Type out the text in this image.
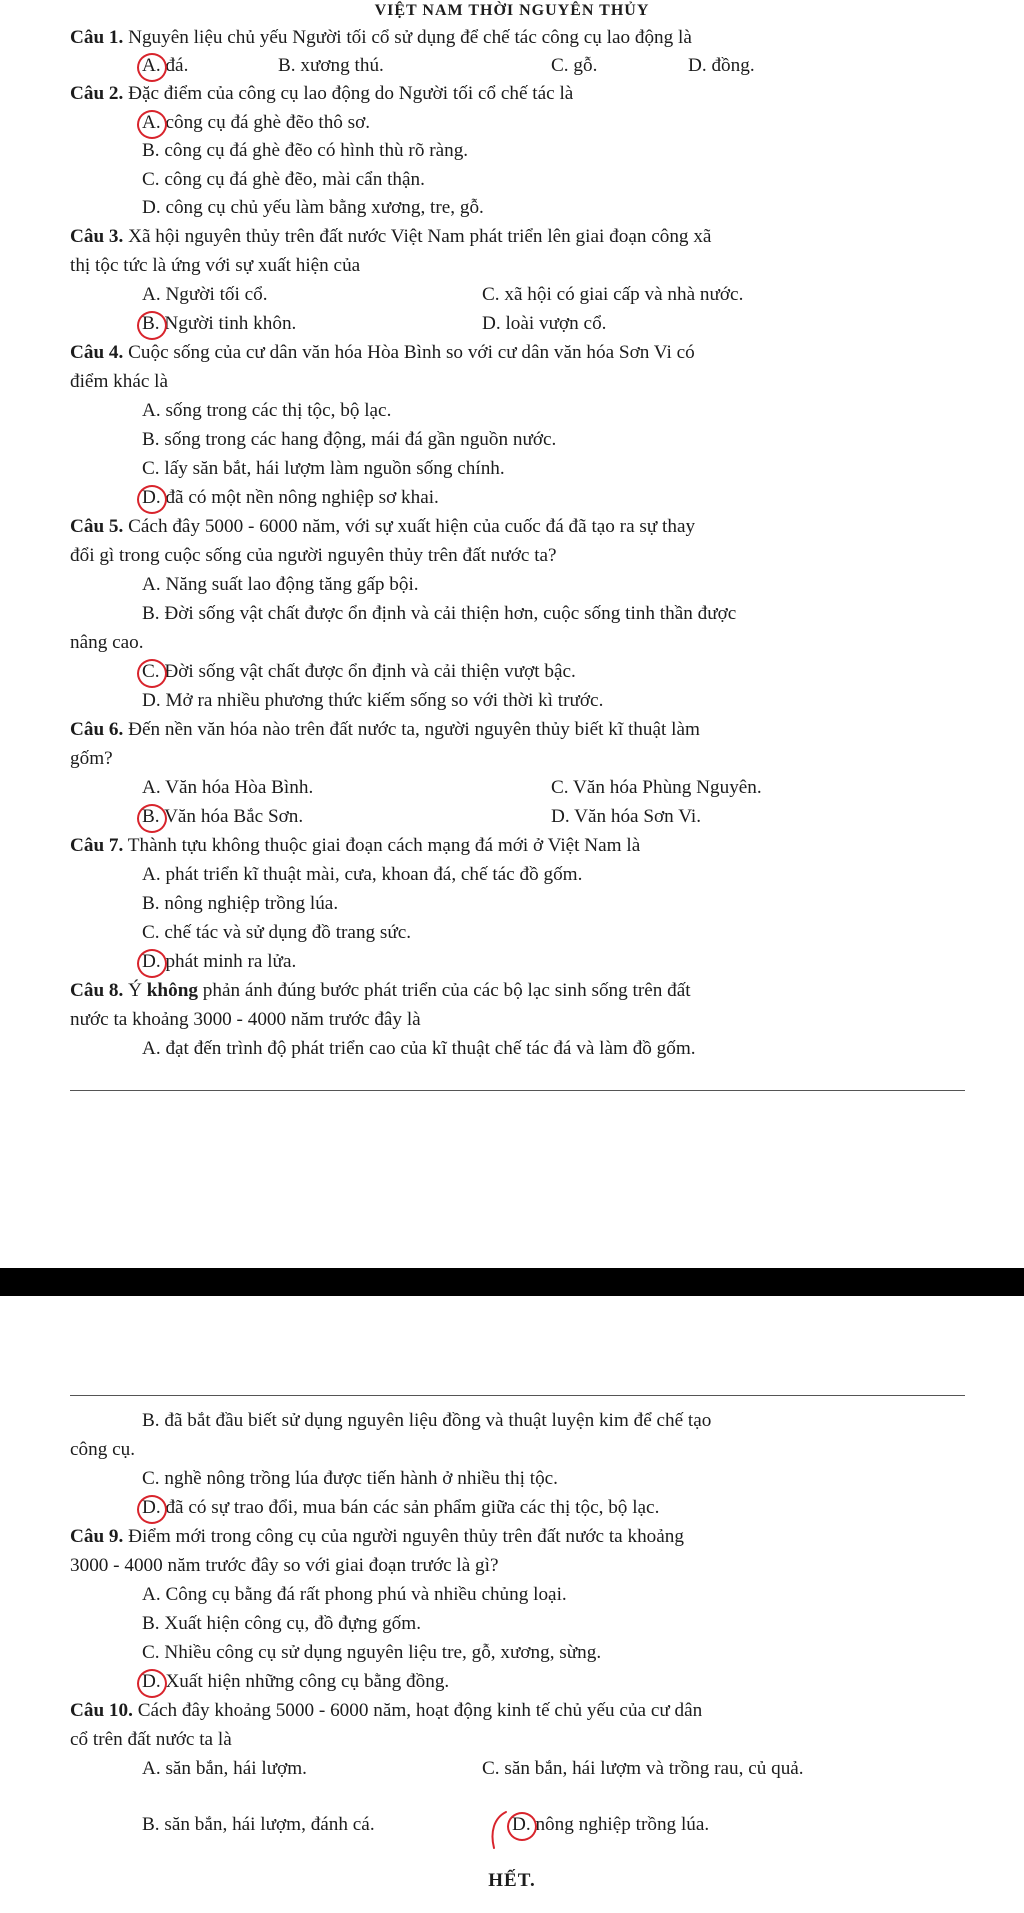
VIỆT NAM THỜI NGUYÊN THỦY
Câu 1. Nguyên liệu chủ yếu Người tối cổ sử dụng để chế tác công cụ lao động là
A. đá.	B. xương thú.	C. gỗ.	D. đồng.
Câu 2. Đặc điểm của công cụ lao động do Người tối cổ chế tác là
A. công cụ đá ghè đẽo thô sơ.
B. công cụ đá ghè đẽo có hình thù rõ ràng.
C. công cụ đá ghè đẽo, mài cẩn thận.
D. công cụ chủ yếu làm bằng xương, tre, gỗ.
Câu 3. Xã hội nguyên thủy trên đất nước Việt Nam phát triển lên giai đoạn công xã
thị tộc tức là ứng với sự xuất hiện của
A. Người tối cổ.	C. xã hội có giai cấp và nhà nước.
B. Người tinh khôn.	D. loài vượn cổ.
Câu 4. Cuộc sống của cư dân văn hóa Hòa Bình so với cư dân văn hóa Sơn Vi có
điểm khác là
A. sống trong các thị tộc, bộ lạc.
B. sống trong các hang động, mái đá gần nguồn nước.
C. lấy săn bắt, hái lượm làm nguồn sống chính.
D. đã có một nền nông nghiệp sơ khai.
Câu 5. Cách đây 5000 - 6000 năm, với sự xuất hiện của cuốc đá đã tạo ra sự thay
đổi gì trong cuộc sống của người nguyên thủy trên đất nước ta?
A. Năng suất lao động tăng gấp bội.
B. Đời sống vật chất được ổn định và cải thiện hơn, cuộc sống tinh thần được
nâng cao.
C. Đời sống vật chất được ổn định và cải thiện vượt bậc.
D. Mở ra nhiều phương thức kiếm sống so với thời kì trước.
Câu 6. Đến nền văn hóa nào trên đất nước ta, người nguyên thủy biết kĩ thuật làm
gốm?
A. Văn hóa Hòa Bình.	C. Văn hóa Phùng Nguyên.
B. Văn hóa Bắc Sơn.	D. Văn hóa Sơn Vi.
Câu 7. Thành tựu không thuộc giai đoạn cách mạng đá mới ở Việt Nam là
A. phát triển kĩ thuật mài, cưa, khoan đá, chế tác đồ gốm.
B. nông nghiệp trồng lúa.
C. chế tác và sử dụng đồ trang sức.
D. phát minh ra lửa.
Câu 8. Ý không phản ánh đúng bước phát triển của các bộ lạc sinh sống trên đất
nước ta khoảng 3000 - 4000 năm trước đây là
A. đạt đến trình độ phát triển cao của kĩ thuật chế tác đá và làm đồ gốm.
B. đã bắt đầu biết sử dụng nguyên liệu đồng và thuật luyện kim để chế tạo
công cụ.
C. nghề nông trồng lúa được tiến hành ở nhiều thị tộc.
D. đã có sự trao đổi, mua bán các sản phẩm giữa các thị tộc, bộ lạc.
Câu 9. Điểm mới trong công cụ của người nguyên thủy trên đất nước ta khoảng
3000 - 4000 năm trước đây so với giai đoạn trước là gì?
A. Công cụ bằng đá rất phong phú và nhiều chủng loại.
B. Xuất hiện công cụ, đồ đựng gốm.
C. Nhiều công cụ sử dụng nguyên liệu tre, gỗ, xương, sừng.
D. Xuất hiện những công cụ bằng đồng.
Câu 10. Cách đây khoảng 5000 - 6000 năm, hoạt động kinh tế chủ yếu của cư dân
cổ trên đất nước ta là
A. săn bắn, hái lượm.	C. săn bắn, hái lượm và trồng rau, củ quả.
B. săn bắn, hái lượm, đánh cá.	D. nông nghiệp trồng lúa.
HẾT.
